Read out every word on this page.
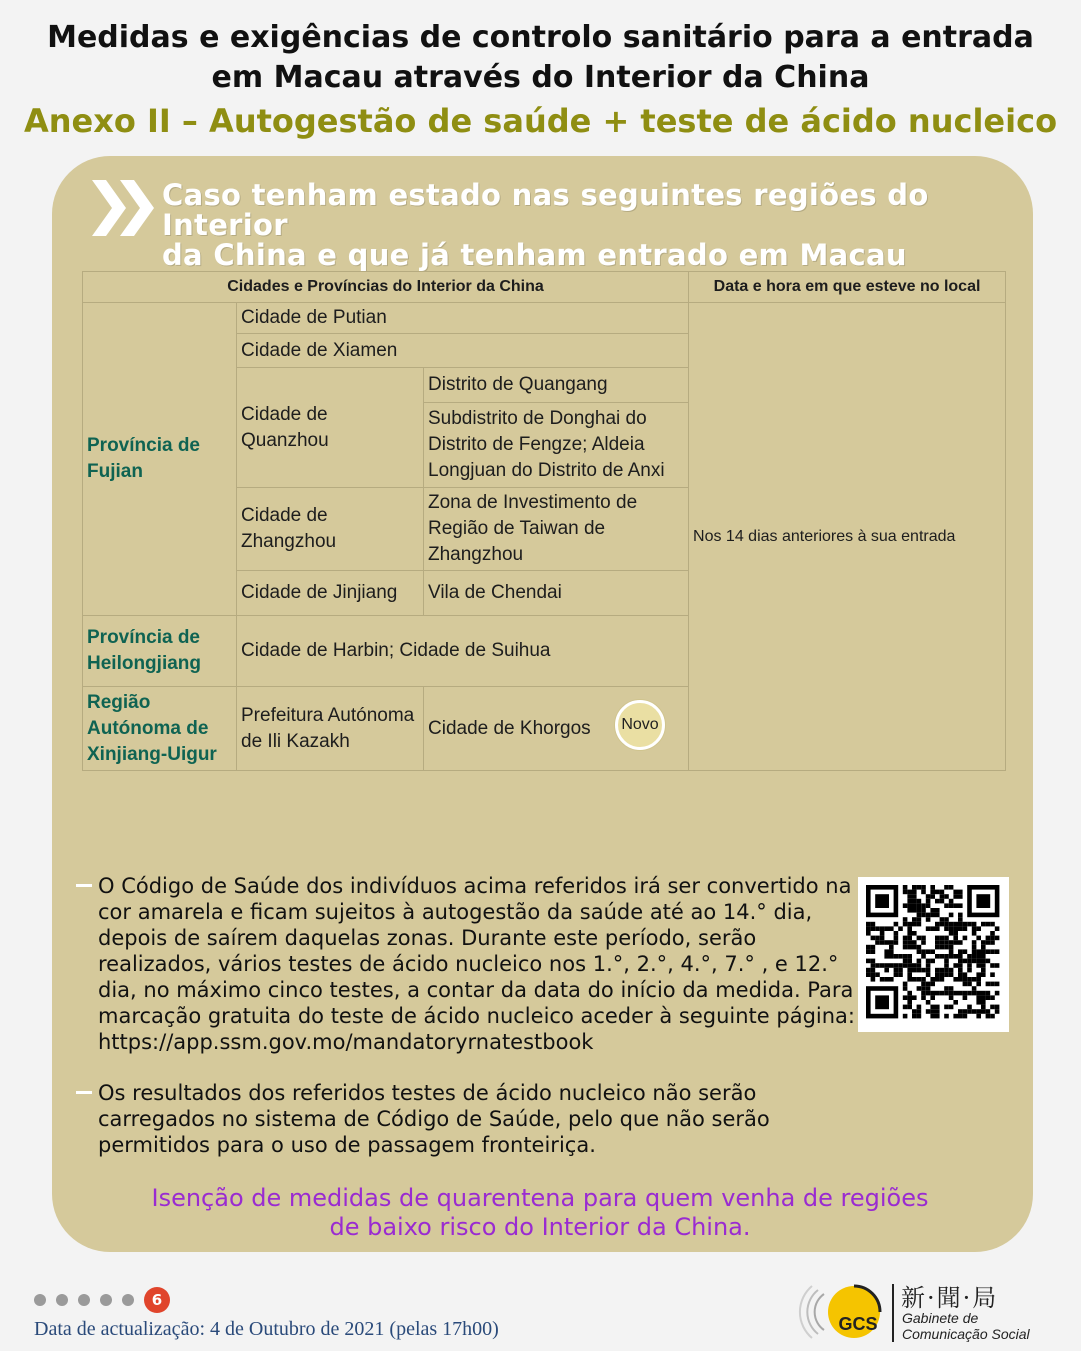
Medidas e exigências de controlo sanitário para a entrada
em Macau através do Interior da China
Anexo II – Autogestão de saúde + teste de ácido nucleico
Caso tenham estado nas seguintes regiões do Interior
da China e que já tenham entrado em Macau
Cidades e Províncias do Interior da China			Data e hora em que esteve no local
Província de Fujian	Cidade de Putian		Nos 14 dias anteriores à sua entrada
	Cidade de Xiamen		
	Cidade de Quanzhou	Distrito de Quangang	
		Subdistrito de Donghai do Distrito de Fengze; Aldeia Longjuan do Distrito de Anxi	
	Cidade de Zhangzhou	Zona de Investimento de Região de Taiwan de Zhangzhou	
	Cidade de Jinjiang	Vila de Chendai	
Província de Heilongjiang	Cidade de Harbin; Cidade de Suihua		
Região Autónoma de Xinjiang-Uigur	Prefeitura Autónoma de Ili Kazakh	Cidade de Khorgos		Novo
O Código de Saúde dos indivíduos acima referidos irá ser convertido na cor amarela e ficam sujeitos à autogestão da saúde até ao 14.° dia, depois de saírem daquelas zonas. Durante este período, serão realizados, vários testes de ácido nucleico nos 1.°, 2.°, 4.°, 7.° , e 12.° dia, no máximo cinco testes, a contar da data do início da medida. Para marcação gratuita do teste de ácido nucleico aceder à seguinte página: https://app.ssm.gov.mo/mandatoryrnatestbook
Os resultados dos referidos testes de ácido nucleico não serão carregados no sistema de Código de Saúde, pelo que não serão permitidos para o uso de passagem fronteiriça.
Isenção de medidas de quarentena para quem venha de regiões de baixo risco do Interior da China.
6
Data de actualização: 4 de Outubro de 2021 (pelas 17h00)	GCS
新·聞·局
Gabinete de
Comunicação Social
